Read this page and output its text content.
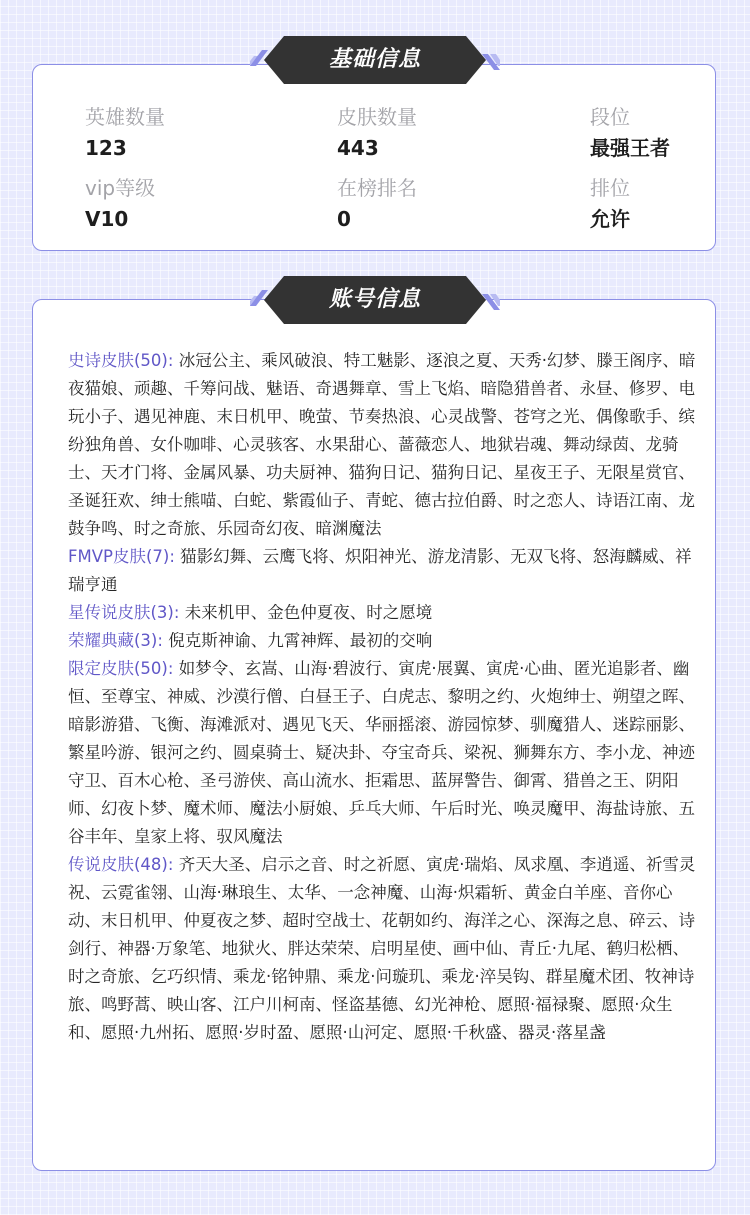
英雄数量
123
皮肤数量
443
段位
最强王者
vip等级
V10
在榜排名
0
排位
允许
基础信息
史诗皮肤(50): 冰冠公主、乘风破浪、特工魅影、逐浪之夏、天秀·幻梦、滕王阁序、暗夜猫娘、顽趣、千筹问战、魅语、奇遇舞章、雪上飞焰、暗隐猎兽者、永昼、修罗、电玩小子、遇见神鹿、末日机甲、晚萤、节奏热浪、心灵战警、苍穹之光、偶像歌手、缤纷独角兽、女仆咖啡、心灵骇客、水果甜心、蔷薇恋人、地狱岩魂、舞动绿茵、龙骑士、天才门将、金属风暴、功夫厨神、猫狗日记、猫狗日记、星夜王子、无限星赏官、圣诞狂欢、绅士熊喵、白蛇、紫霞仙子、青蛇、德古拉伯爵、时之恋人、诗语江南、龙鼓争鸣、时之奇旅、乐园奇幻夜、暗渊魔法
FMVP皮肤(7): 猫影幻舞、云鹰飞将、炽阳神光、游龙清影、无双飞将、怒海麟威、祥瑞亨通
星传说皮肤(3): 未来机甲、金色仲夏夜、时之愿境
荣耀典藏(3): 倪克斯神谕、九霄神辉、最初的交响
限定皮肤(50): 如梦令、玄嵩、山海·碧波行、寅虎·展翼、寅虎·心曲、匿光追影者、幽恒、至尊宝、神威、沙漠行僧、白昼王子、白虎志、黎明之约、火炮绅士、朔望之晖、暗影游猎、飞衡、海滩派对、遇见飞天、华丽摇滚、游园惊梦、驯魔猎人、迷踪丽影、繁星吟游、银河之约、圆桌骑士、疑决卦、夺宝奇兵、梁祝、狮舞东方、李小龙、神迹守卫、百木心枪、圣弓游侠、高山流水、拒霜思、蓝屏警告、御霄、猎兽之王、阴阳师、幻夜卜梦、魔术师、魔法小厨娘、乒乓大师、午后时光、唤灵魔甲、海盐诗旅、五谷丰年、皇家上将、驭风魔法
传说皮肤(48): 齐天大圣、启示之音、时之祈愿、寅虎·瑞焰、凤求凰、李逍遥、祈雪灵祝、云霓雀翎、山海·琳琅生、太华、一念神魔、山海·炽霜斩、黄金白羊座、音你心动、末日机甲、仲夏夜之梦、超时空战士、花朝如约、海洋之心、深海之息、碎云、诗剑行、神器·万象笔、地狱火、胖达荣荣、启明星使、画中仙、青丘·九尾、鹤归松栖、时之奇旅、乞巧织情、乘龙·铭钟鼎、乘龙·问璇玑、乘龙·淬吴钩、群星魔术团、牧神诗旅、鸣野蒿、映山客、江户川柯南、怪盗基德、幻光神枪、愿照·福禄聚、愿照·众生和、愿照·九州拓、愿照·岁时盈、愿照·山河定、愿照·千秋盛、器灵·落星盏
账号信息
